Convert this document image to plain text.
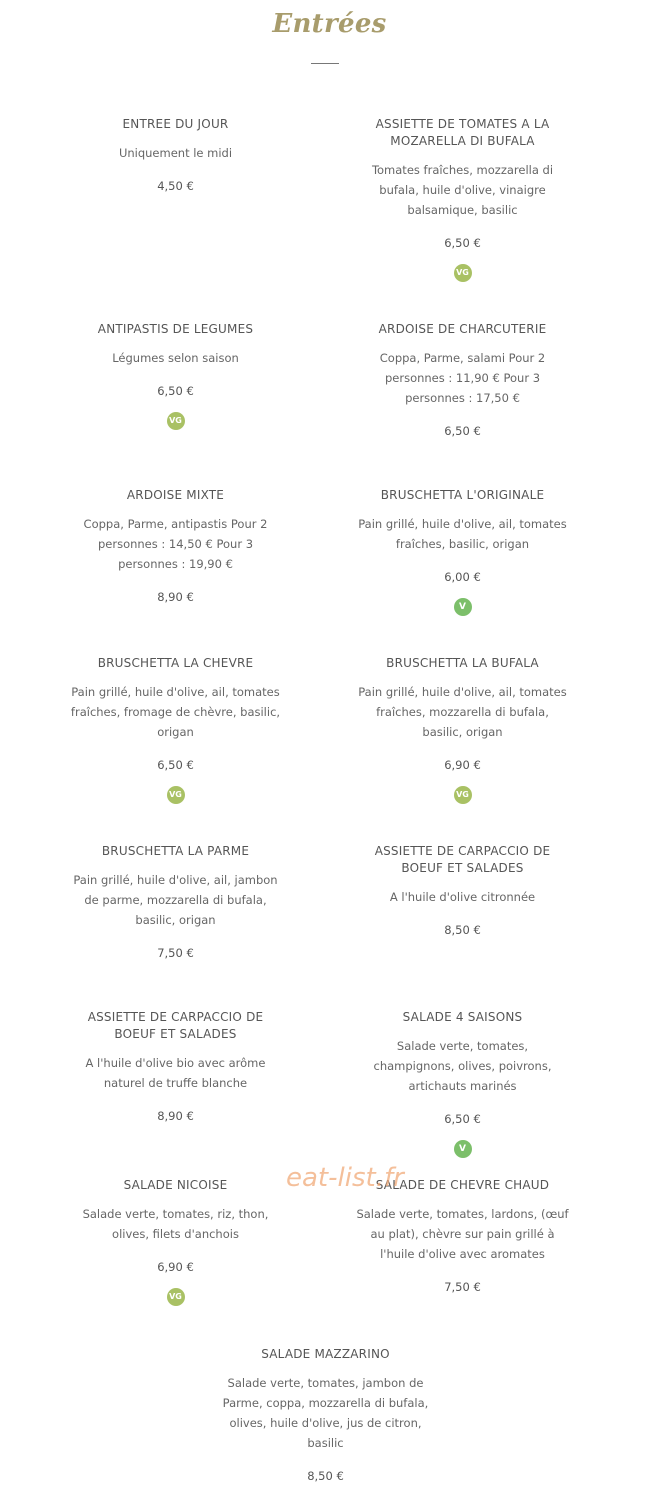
Entrées
ENTREE DU JOUR
Uniquement le midi
4,50 €
ASSIETTE DE TOMATES A LA MOZARELLA DI BUFALA
Tomates fraîches, mozzarella di bufala, huile d'olive, vinaigre balsamique, basilic
6,50 €
VG
ANTIPASTIS DE LEGUMES
Légumes selon saison
6,50 €
VG
ARDOISE DE CHARCUTERIE
Coppa, Parme, salami Pour 2 personnes : 11,90 € Pour 3 personnes : 17,50 €
6,50 €
ARDOISE MIXTE
Coppa, Parme, antipastis Pour 2 personnes : 14,50 € Pour 3 personnes : 19,90 €
8,90 €
BRUSCHETTA L'ORIGINALE
Pain grillé, huile d'olive, ail, tomates fraîches, basilic, origan
6,00 €
V
BRUSCHETTA LA CHEVRE
Pain grillé, huile d'olive, ail, tomates fraîches, fromage de chèvre, basilic, origan
6,50 €
VG
BRUSCHETTA LA BUFALA
Pain grillé, huile d'olive, ail, tomates fraîches, mozzarella di bufala, basilic, origan
6,90 €
VG
BRUSCHETTA LA PARME
Pain grillé, huile d'olive, ail, jambon de parme, mozzarella di bufala, basilic, origan
7,50 €
ASSIETTE DE CARPACCIO DE BOEUF ET SALADES
A l'huile d'olive citronnée
8,50 €
ASSIETTE DE CARPACCIO DE BOEUF ET SALADES
A l'huile d'olive bio avec arôme naturel de truffe blanche
8,90 €
SALADE 4 SAISONS
Salade verte, tomates, champignons, olives, poivrons, artichauts marinés
6,50 €
V
SALADE NICOISE
Salade verte, tomates, riz, thon, olives, filets d'anchois
6,90 €
VG
SALADE DE CHEVRE CHAUD
Salade verte, tomates, lardons, (œuf au plat), chèvre sur pain grillé à l'huile d'olive avec aromates
7,50 €
SALADE MAZZARINO
Salade verte, tomates, jambon de Parme, coppa, mozzarella di bufala, olives, huile d'olive, jus de citron, basilic
8,50 €
eat-list.fr
